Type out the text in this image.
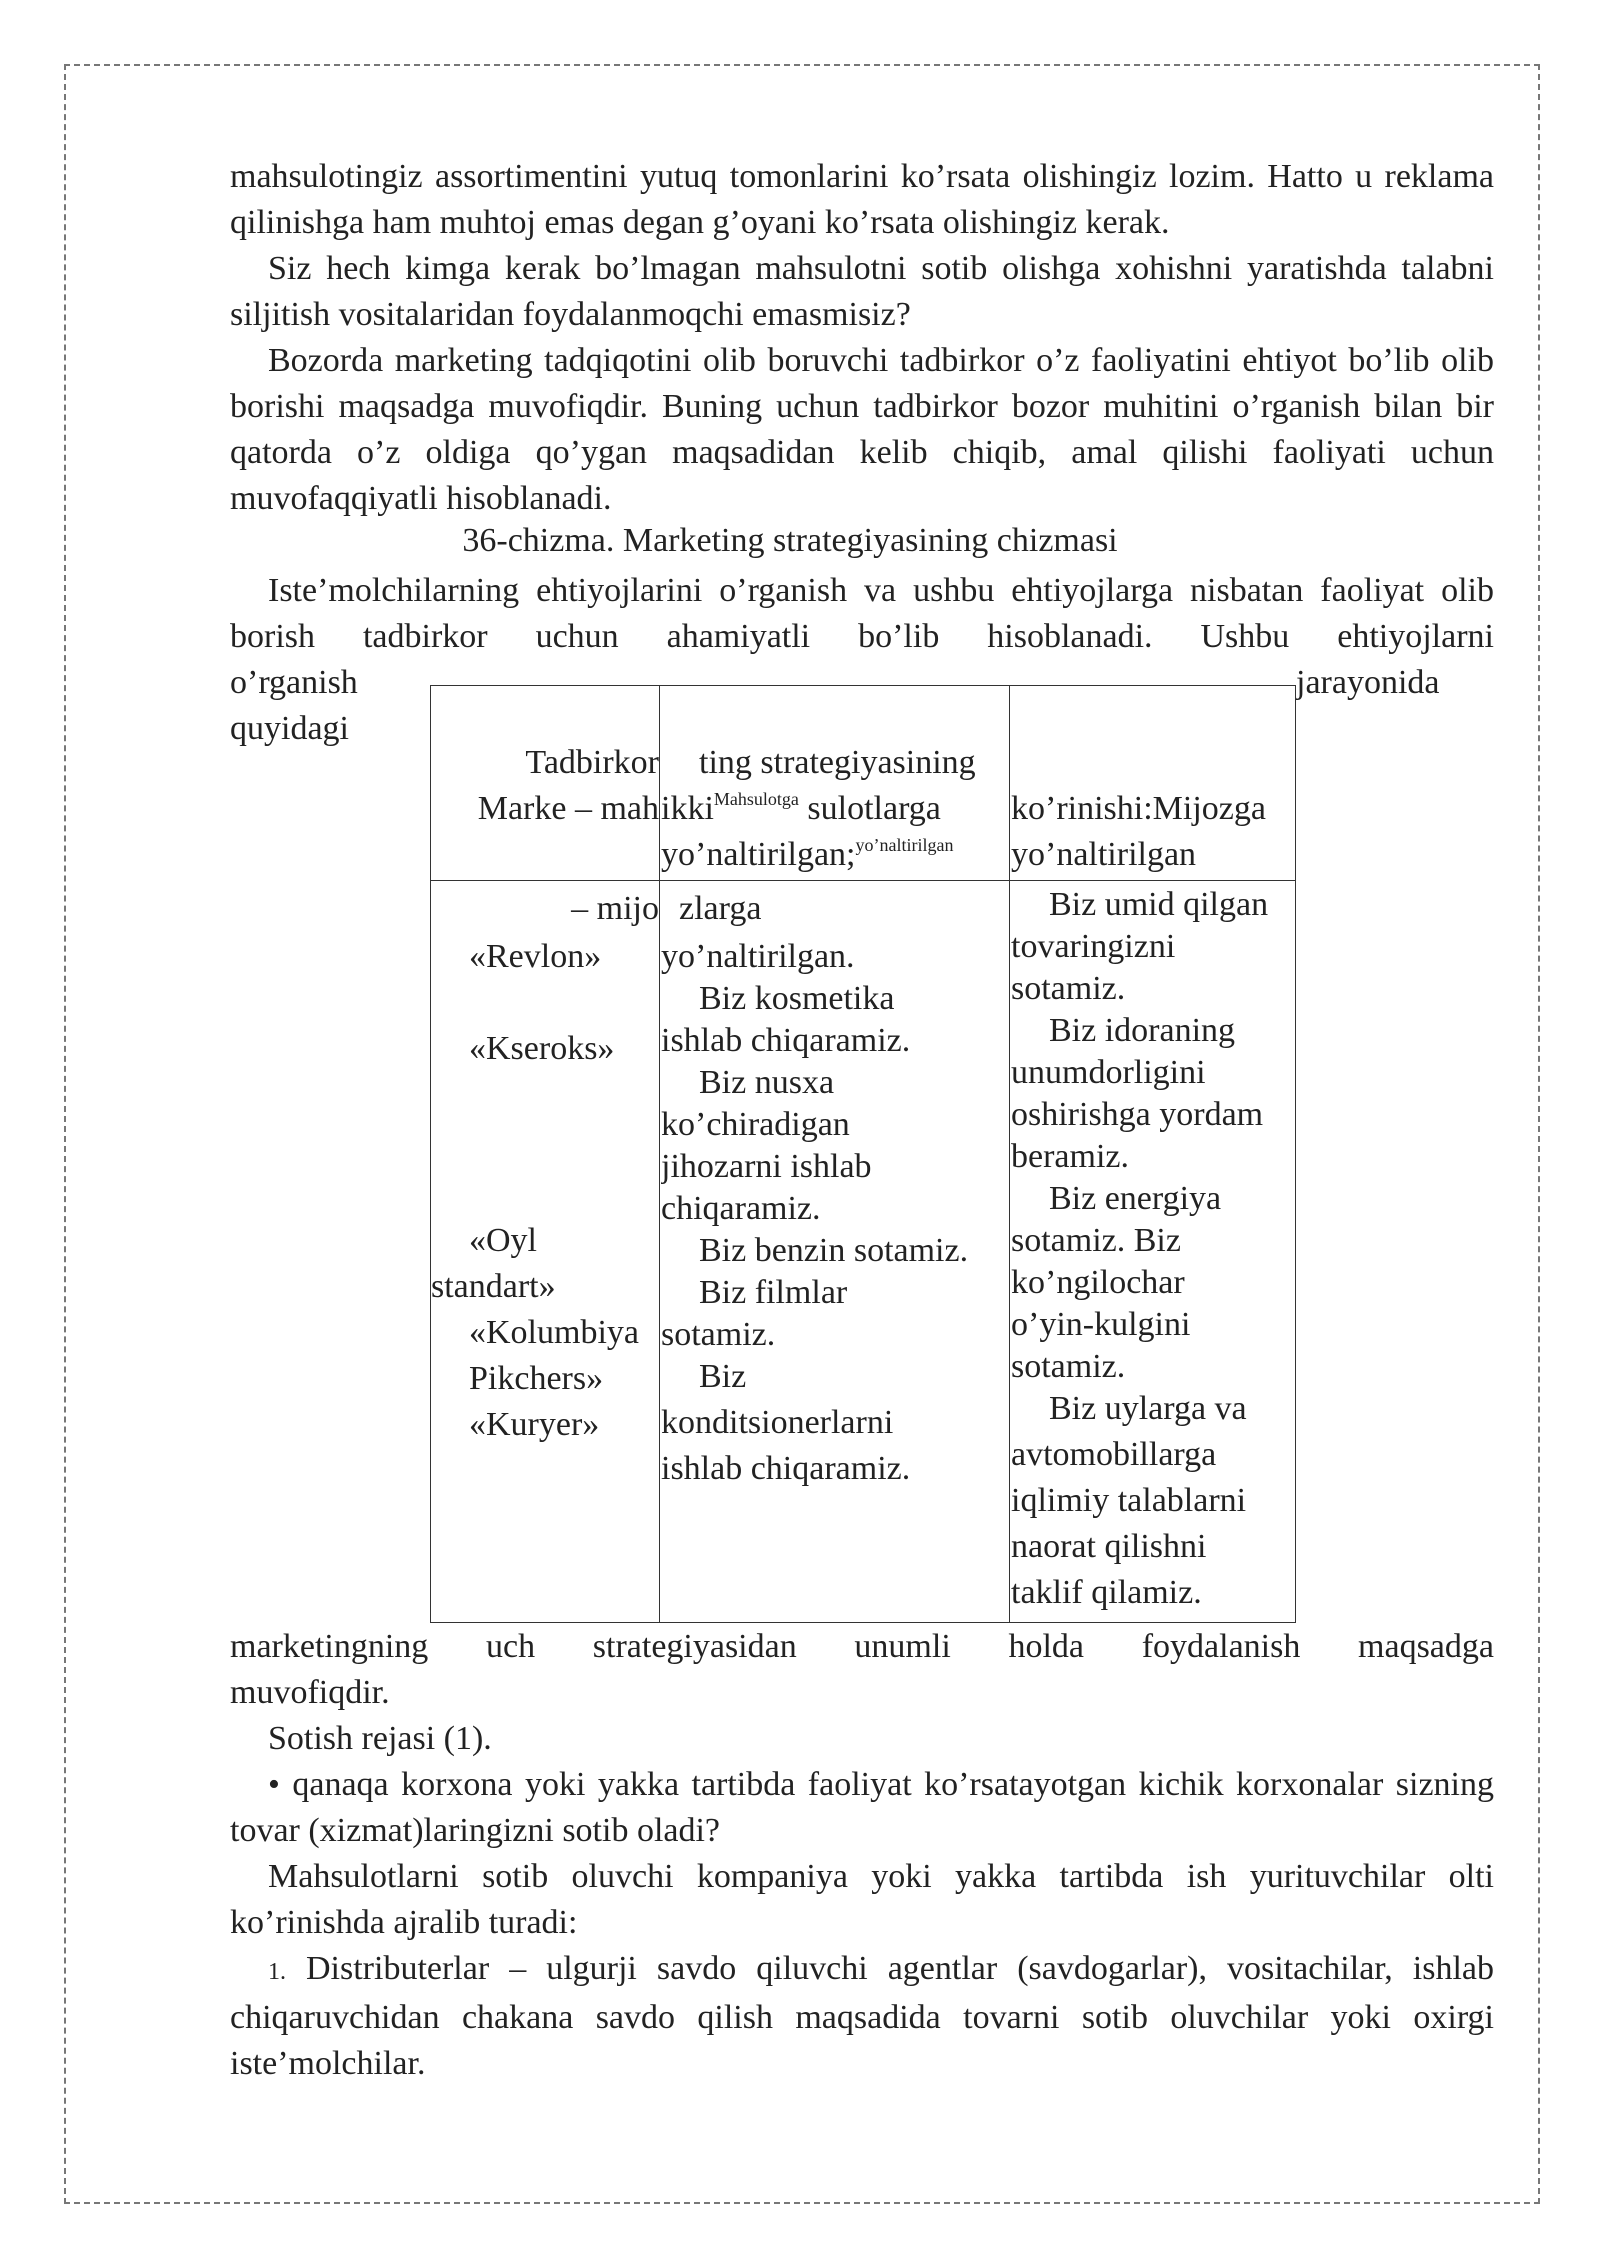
mahsulotingiz assortimentini yutuq tomonlarini ko’rsata olishingiz lozim. Hatto u reklama qilinishga ham muhtoj emas degan g’oyani ko’rsata olishingiz kerak.

Siz hech kimga kerak bo’lmagan mahsulotni sotib olishga xohishni yaratishda talabni siljitish vositalaridan foydalanmoqchi emasmisiz?

Bozorda marketing tadqiqotini olib boruvchi tadbirkor o’z faoliyatini ehtiyot bo’lib olib borishi maqsadga muvofiqdir. Buning uchun tadbirkor bozor muhitini o’rganish bilan bir qatorda o’z oldiga qo’ygan maqsadidan kelib chiqib, amal qilishi faoliyati uchun muvofaqqiyatli hisoblanadi.

36-chizma. Marketing strategiyasining chizmasi

Iste’molchilarning ehtiyojlarini o’rganish va ushbu ehtiyojlarga nisbatan faoliyat olib borish tadbirkor uchun ahamiyatli bo’lib hisoblanadi. Ushbu ehtiyojlarni

o’rganish
quyidagi
jarayonida
Tadbirkor
Marke – mah
ting strategiyasining
ikki$^{Mahsulotga}$ sulotlarga
yo’naltirilgan;$^{yo’naltirilgan}$
ko’rinishi:Mijozga
yo’naltirilgan
– mijo
«Revlon»
«Kseroks»
«Oyl
standart»
«Kolumbiya
Pikchers»
«Kuryer»
zlarga
yo’naltirilgan.
Biz kosmetika
ishlab chiqaramiz.
Biz nusxa
ko’chiradigan
jihozarni ishlab
chiqaramiz.
Biz benzin sotamiz.
Biz filmlar
sotamiz.
Biz
konditsionerlarni
ishlab chiqaramiz.
Biz umid qilgan
tovaringizni
sotamiz.
Biz idoraning
unumdorligini
oshirishga yordam
beramiz.
Biz energiya
sotamiz. Biz
ko’ngilochar
o’yin-kulgini
sotamiz.
Biz uylarga va
avtomobillarga
iqlimiy talablarni
naorat qilishni
taklif qilamiz.

marketingning uch strategiyasidan unumli holda foydalanish maqsadga

muvofiqdir.

Sotish rejasi (1).

• qanaqa korxona yoki yakka tartibda faoliyat ko’rsatayotgan kichik korxonalar sizning tovar (xizmat)laringizni sotib oladi?

Mahsulotlarni sotib oluvchi kompaniya yoki yakka tartibda ish yurituvchilar olti ko’rinishda ajralib turadi:

1. Distributerlar – ulgurji savdo qiluvchi agentlar (savdogarlar), vositachilar, ishlab chiqaruvchidan chakana savdo qilish maqsadida tovarni sotib oluvchilar yoki oxirgi iste’molchilar.
